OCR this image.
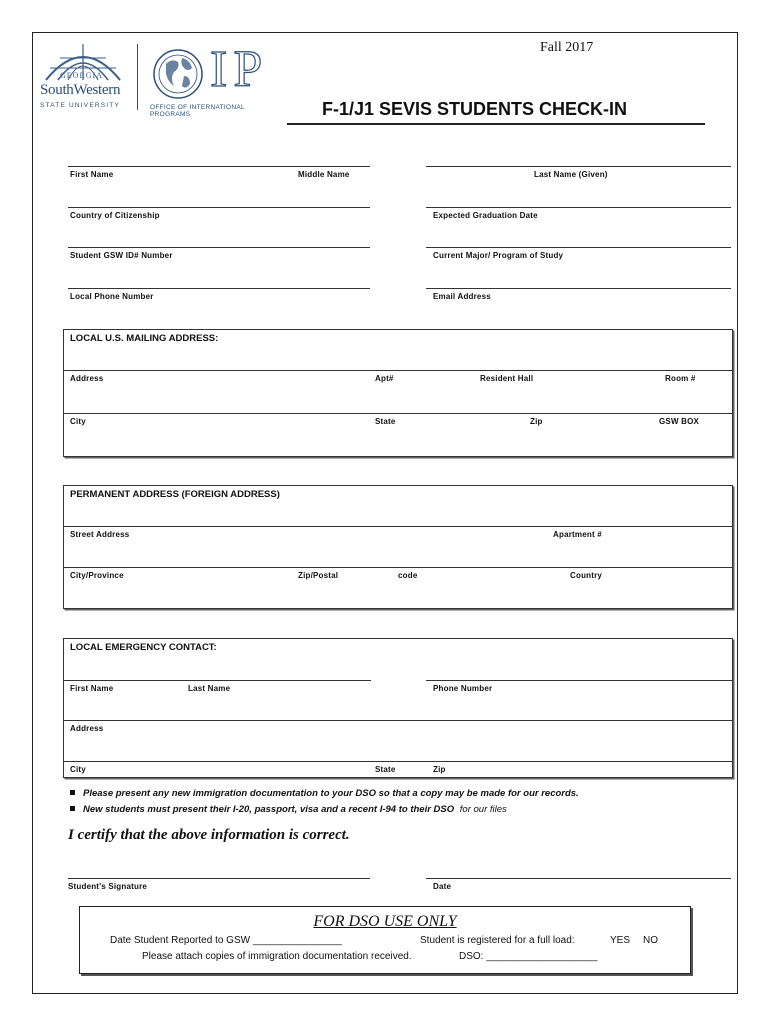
GEORGIA
SouthWestern
STATE UNIVERSITY
IP
OFFICE OF INTERNATIONAL PROGRAMS
Fall 2017
F-1/J1 SEVIS STUDENTS CHECK-IN
First Name	Middle Name	Last Name (Given)
Country of Citizenship	Expected Graduation Date
Student GSW ID# Number	Current Major/ Program of Study
Local Phone Number	Email Address
LOCAL U.S. MAILING ADDRESS:
Address	Apt#	Resident Hall	Room #
City	State	Zip	GSW BOX
PERMANENT ADDRESS (FOREIGN ADDRESS)
Street Address	Apartment #
City/Province	Zip/Postal	code	Country
LOCAL EMERGENCY CONTACT:
First Name	Last Name	Phone Number
Address
City	State	Zip
Please present any new immigration documentation to your DSO so that a copy may be made for our records.
New students must present their I-20, passport, visa and a recent I-94 to their DSO for our files
I certify that the above information is correct.
Student's Signature	Date
FOR DSO USE ONLY
Date Student Reported to GSW ________________	Student is registered for a full load:	YES NO
Please attach copies of immigration documentation received.	DSO: ____________________
